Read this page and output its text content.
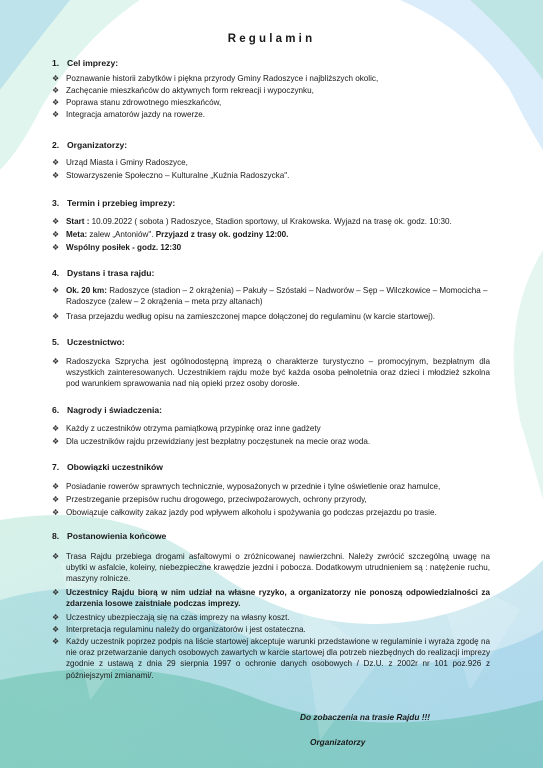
Regulamin
1. Cel imprezy:
❖ Poznawanie historii zabytków i piękna przyrody Gminy Radoszyce i najbliższych okolic,
❖ Zachęcanie mieszkańców do aktywnych form rekreacji i wypoczynku,
❖ Poprawa stanu zdrowotnego mieszkańców,
❖ Integracja amatorów jazdy na rowerze.
2. Organizatorzy:
❖ Urząd Miasta i Gminy Radoszyce,
❖ Stowarzyszenie Społeczno – Kulturalne „Kuźnia Radoszycka".
3. Termin i przebieg imprezy:
❖ Start : 10.09.2022 ( sobota ) Radoszyce, Stadion sportowy, ul Krakowska. Wyjazd na trasę ok. godz. 10:30.
❖ Meta: zalew „Antoniów". Przyjazd z trasy ok. godziny 12:00.
❖ Wspólny posiłek - godz. 12:30
4. Dystans i trasa rajdu:
❖ Ok. 20 km: Radoszyce (stadion – 2 okrążenia) – Pakuły – Szóstaki – Nadworów – Sęp – Wilczkowice – Momocicha – Radoszyce (zalew – 2 okrążenia – meta przy altanach)
❖ Trasa przejazdu według opisu na zamieszczonej mapce dołączonej do regulaminu (w karcie startowej).
5. Uczestnictwo:
❖ Radoszycka Szprycha jest ogólnodostępną imprezą o charakterze turystyczno – promocyjnym, bezpłatnym dla wszystkich zainteresowanych. Uczestnikiem rajdu może być każda osoba pełnoletnia oraz dzieci i młodzież szkolna pod warunkiem sprawowania nad nią opieki przez osoby dorosłe.
6. Nagrody i świadczenia:
❖ Każdy z uczestników otrzyma pamiątkową przypinkę oraz inne gadżety
❖ Dla uczestników rajdu przewidziany jest bezpłatny poczęstunek na mecie oraz woda.
7. Obowiązki uczestników
❖ Posiadanie rowerów sprawnych technicznie, wyposażonych w przednie i tylne oświetlenie oraz hamulce,
❖ Przestrzeganie przepisów ruchu drogowego, przeciwpożarowych, ochrony przyrody,
❖ Obowiązuje całkowity zakaz jazdy pod wpływem alkoholu i spożywania go podczas przejazdu po trasie.
8. Postanowienia końcowe
❖ Trasa Rajdu przebiega drogami asfaltowymi o zróżnicowanej nawierzchni. Należy zwrócić szczególną uwagę na ubytki w asfalcie, koleiny, niebezpieczne krawędzie jezdni i pobocza. Dodatkowym utrudnieniem są : natężenie ruchu, maszyny rolnicze.
❖ Uczestnicy Rajdu biorą w nim udział na własne ryzyko, a organizatorzy nie ponoszą odpowiedzialności za zdarzenia losowe zaistniałe podczas imprezy.
❖ Uczestnicy ubezpieczają się na czas imprezy na własny koszt.
❖ Interpretacja regulaminu należy do organizatorów i jest ostateczna.
❖ Każdy uczestnik poprzez podpis na liście startowej akceptuje warunki przedstawione w regulaminie i wyraża zgodę na nie oraz przetwarzanie danych osobowych zawartych w karcie startowej dla potrzeb niezbędnych do realizacji imprezy zgodnie z ustawą z dnia 29 sierpnia 1997 o ochronie danych osobowych / Dz.U. z 2002r nr 101 poz.926 z późniejszymi zmianami/.
Do zobaczenia na trasie Rajdu !!!
Organizatorzy
